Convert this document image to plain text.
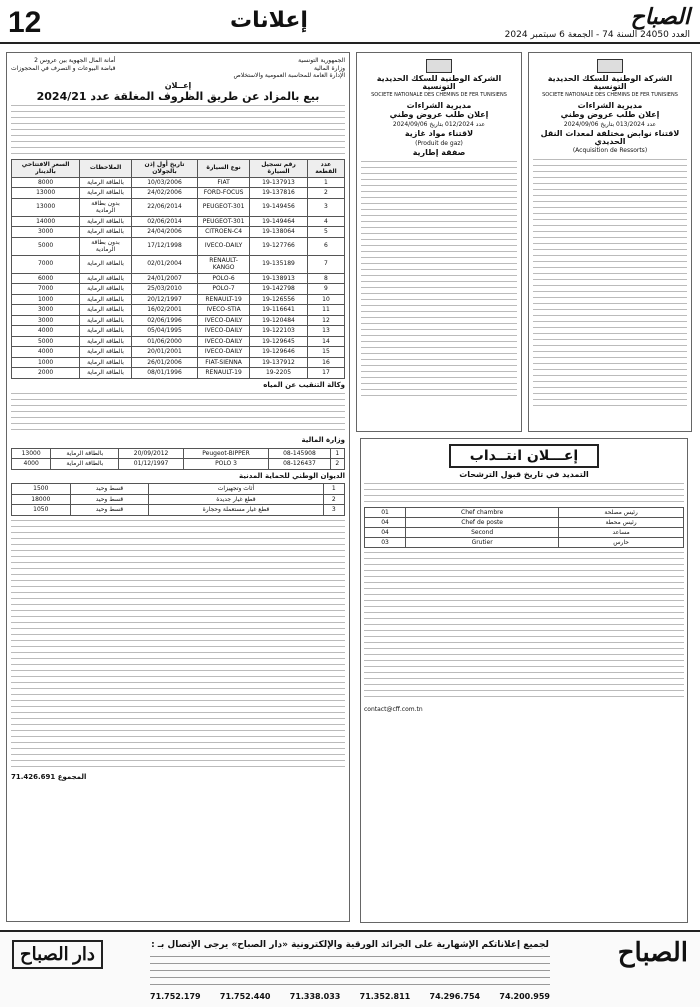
12	إعلانات	الصباح
العدد 24050 السنة 74 - الجمعة 6 سبتمبر 2024
الشركة الوطنية للسكك الحديدية التونسية
SOCIETE NATIONALE DES CHEMINS DE FER TUNISIENS
مديرية الشراءات
إعلان طلب عروض وطني
عدد 013/2024 بتاريخ 2024/09/06
لاقتناء نوابض مختلفة لمعدات النقل الحديدي
(Acquisition de Ressorts)
الشركة الوطنية للسكك الحديدية التونسية
SOCIETE NATIONALE DES CHEMINS DE FER TUNISIENS
مديرية الشراءات
إعلان طلب عروض وطني
عدد 012/2024 بتاريخ 2024/09/06
لاقتناء مواد غازية
(Produit de gaz)
صفقة إطارية
الجمهورية التونسية
وزارة المالية
الإدارة العامة للمحاسبة العمومية والاستخلاص
أمانة المال الجهوية بين عروس 2
قباضة البيوعات و التصرف في المحجوزات
إعــلان
بيع بالمزاد عن طريق الظروف المغلقة عدد 2024/21
عدد القطعة	رقم تسجيل السيارة	نوع السيارة	تاريخ أول إذن بالجولان	الملاحظات	السعر الافتتاحي بالدينار
1	19-137913	FIAT	10/03/2006	بالطاقة الرماية	8000
2	19-137816	FORD-FOCUS	24/02/2006	بالطاقة الرماية	13000
3	19-149456	PEUGEOT-301	22/06/2014	بدون بطاقة الرمادية	13000
4	19-149464	PEUGEOT-301	02/06/2014	بالطاقة الرماية	14000
5	19-138064	CITROEN-C4	24/04/2006	بالطاقة الرماية	3000
6	19-127766	IVECO-DAILY	17/12/1998	بدون بطاقة الرمادية	5000
7	19-135189	RENAULT-KANGO	02/01/2004	بالطاقة الرماية	7000
8	19-138913	POLO-6	24/01/2007	بالطاقة الرماية	6000
9	19-142798	POLO-7	25/03/2010	بالطاقة الرماية	7000
10	19-126556	RENAULT-19	20/12/1997	بالطاقة الرماية	1000
11	19-116641	IVECO-STIA	16/02/2001	بالطاقة الرماية	3000
12	19-120484	IVECO-DAILY	02/06/1996	بالطاقة الرماية	3000
13	19-122103	IVECO-DAILY	05/04/1995	بالطاقة الرماية	4000
14	19-129645	IVECO-DAILY	01/06/2000	بالطاقة الرماية	5000
15	19-129646	IVECO-DAILY	20/01/2001	بالطاقة الرماية	4000
16	19-137912	FIAT-SIENNA	26/01/2006	بالطاقة الرماية	1000
17	19-2205	RENAULT-19	08/01/1996	بالطاقة الرماية	2000
وكالة التنقيب عن المياه
وزارة المالية
1	08-145908	Peugeot-BIPPER	20/09/2012	بالطاقة الرماية	13000
2	08-126437	POLO 3	01/12/1997	بالطاقة الرماية	4000
الديوان الوطني للحماية المدنية
1	أثاث وتجهيزات	قسط وحيد	1500
2	قطع غيار جديدة	قسط وحيد	18000
3	قطع غيار مستعملة وحجارة	قسط وحيد	1050
المجموع 71.426.691
إعـــلان انتــداب
التمديد في تاريخ قبول الترشحات
رئيس مصلحة	Chef chambre	01
رئيس محطة	Chef de poste	04
مساعد	Second	04
حارس	Grutier	03
contact@cff.com.tn
الصباح
دار الصباح	لجميع إعلاناتكم الإشهارية على الجرائد الورقية والإلكترونية «دار الصباح» يرجى الإتصال بـ :
71.752.179 71.752.440 71.338.033 71.352.811 74.296.754 74.200.959
